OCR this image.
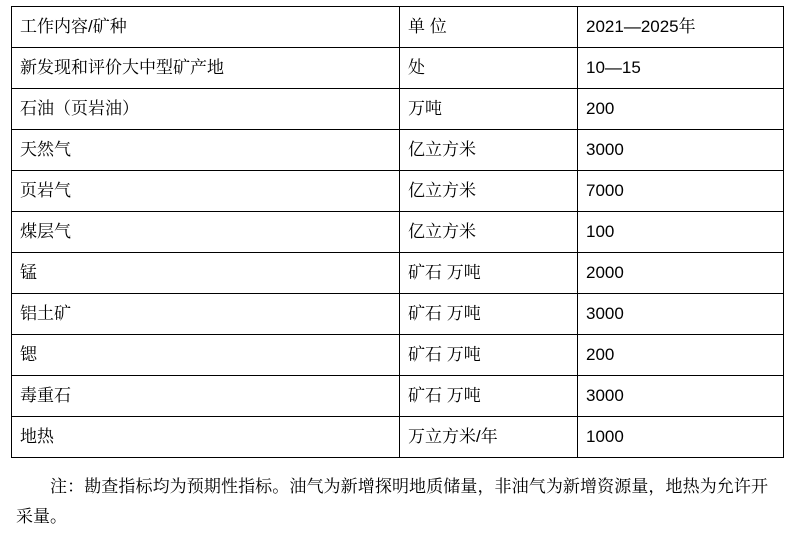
工作内容/矿种	单 位	2021—2025年
新发现和评价大中型矿产地	处	10—15
石油（页岩油）	万吨	200
天然气	亿立方米	3000
页岩气	亿立方米	7000
煤层气	亿立方米	100
锰	矿石 万吨	2000
铝土矿	矿石 万吨	3000
锶	矿石 万吨	200
毒重石	矿石 万吨	3000
地热	万立方米/年	1000

注：勘查指标均为预期性指标。油气为新增探明地质储量，非油气为新增资源量，地热为允许开采量。
